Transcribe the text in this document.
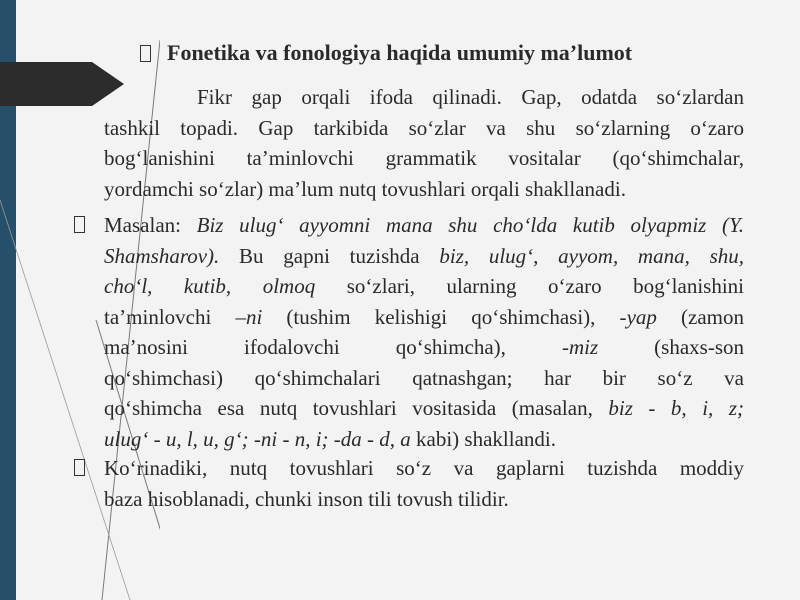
Fonetika va fonologiya haqida umumiy ma’lumot
Fikr gap orqali ifoda qilinadi. Gap, odatda so‘zlardan
tashkil topadi. Gap tarkibida so‘zlar va shu so‘zlarning o‘zaro
bog‘lanishini ta’minlovchi grammatik vositalar (qo‘shimchalar,
yordamchi so‘zlar) ma’lum nutq tovushlari orqali shakllanadi.
Masalan: Biz ulug‘ ayyomni mana shu cho‘lda kutib olyapmiz (Y.
Shamsharov). Bu gapni tuzishda biz, ulug‘, ayyom, mana, shu,
cho‘l, kutib, olmoq so‘zlari, ularning o‘zaro bog‘lanishini
ta’minlovchi –ni (tushim kelishigi qo‘shimchasi), -yap (zamon
ma’nosini ifodalovchi qo‘shimcha), -miz (shaxs-son
qo‘shimchasi) qo‘shimchalari qatnashgan; har bir so‘z va
qo‘shimcha esa nutq tovushlari vositasida (masalan, biz - b, i, z;
ulug‘ - u, l, u, g‘; -ni - n, i; -da - d, a kabi) shakllandi.
Ko‘rinadiki, nutq tovushlari so‘z va gaplarni tuzishda moddiy
baza hisoblanadi, chunki inson tili tovush tilidir.
